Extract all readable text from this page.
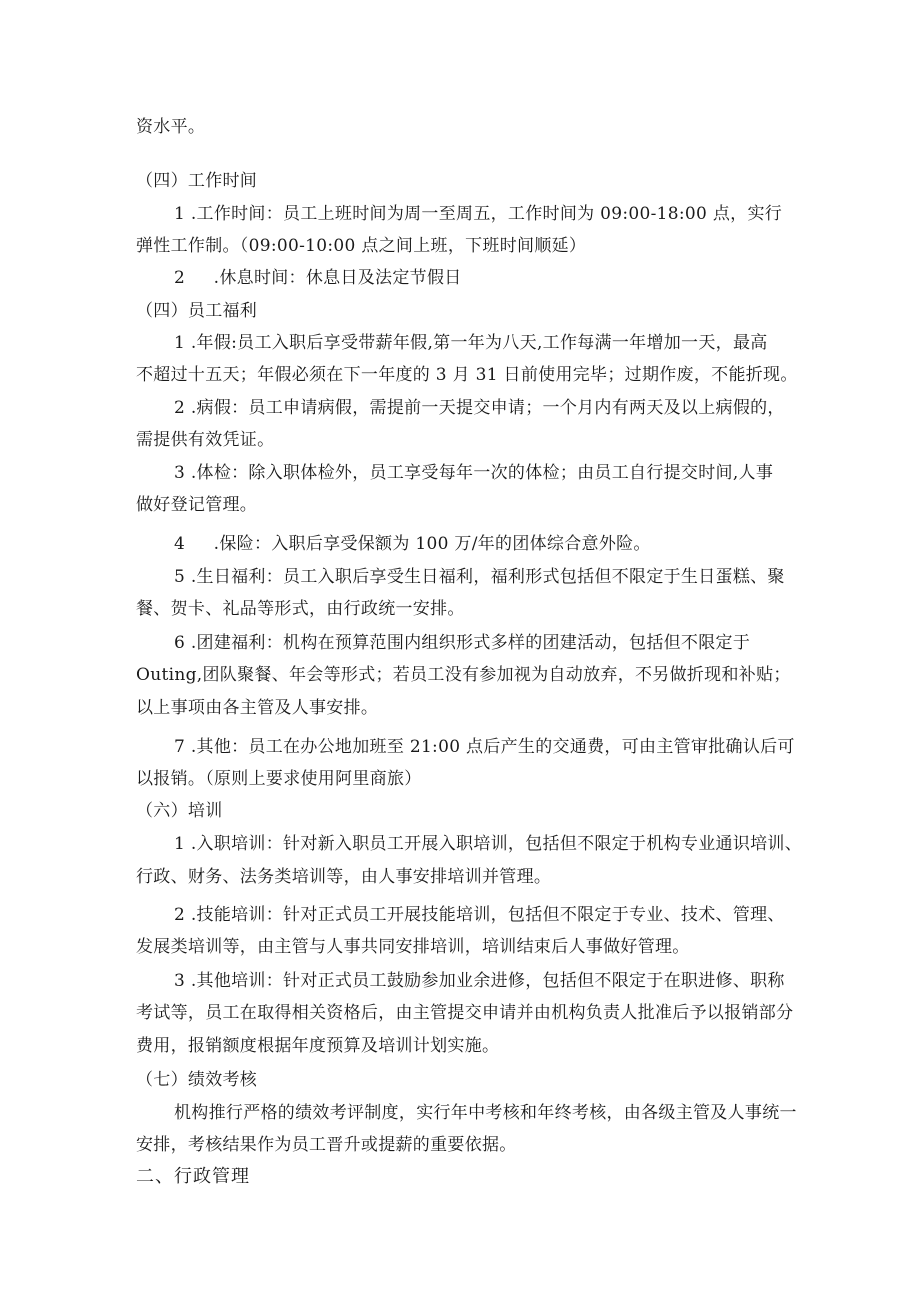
资水平。
（四）工作时间
1 .工作时间：员工上班时间为周一至周五，工作时间为 09:00-18:00 点，实行
弹性工作制。（09:00-10:00 点之间上班，下班时间顺延）
2     .休息时间：休息日及法定节假日
（四）员工福利
1 .年假:员工入职后享受带薪年假,第一年为八天,工作每满一年增加一天，最高
不超过十五天；年假必须在下一年度的 3 月 31 日前使用完毕；过期作废，不能折现。
2 .病假：员工申请病假，需提前一天提交申请；一个月内有两天及以上病假的，
需提供有效凭证。
3 .体检：除入职体检外，员工享受每年一次的体检；由员工自行提交时间,人事
做好登记管理。
4     .保险：入职后享受保额为 100 万/年的团体综合意外险。
5 .生日福利：员工入职后享受生日福利，福利形式包括但不限定于生日蛋糕、聚
餐、贺卡、礼品等形式，由行政统一安排。
6 .团建福利：机构在预算范围内组织形式多样的团建活动，包括但不限定于
Outing,团队聚餐、年会等形式；若员工没有参加视为自动放弃，不另做折现和补贴；
以上事项由各主管及人事安排。
7 .其他：员工在办公地加班至 21:00 点后产生的交通费，可由主管审批确认后可
以报销。（原则上要求使用阿里商旅）
（六）培训
1 .入职培训：针对新入职员工开展入职培训，包括但不限定于机构专业通识培训、
行政、财务、法务类培训等，由人事安排培训并管理。
2 .技能培训：针对正式员工开展技能培训，包括但不限定于专业、技术、管理、
发展类培训等，由主管与人事共同安排培训，培训结束后人事做好管理。
3 .其他培训：针对正式员工鼓励参加业余进修，包括但不限定于在职进修、职称
考试等，员工在取得相关资格后，由主管提交申请并由机构负责人批准后予以报销部分
费用，报销额度根据年度预算及培训计划实施。
（七）绩效考核
机构推行严格的绩效考评制度，实行年中考核和年终考核，由各级主管及人事统一
安排，考核结果作为员工晋升或提薪的重要依据。
二、行政管理
